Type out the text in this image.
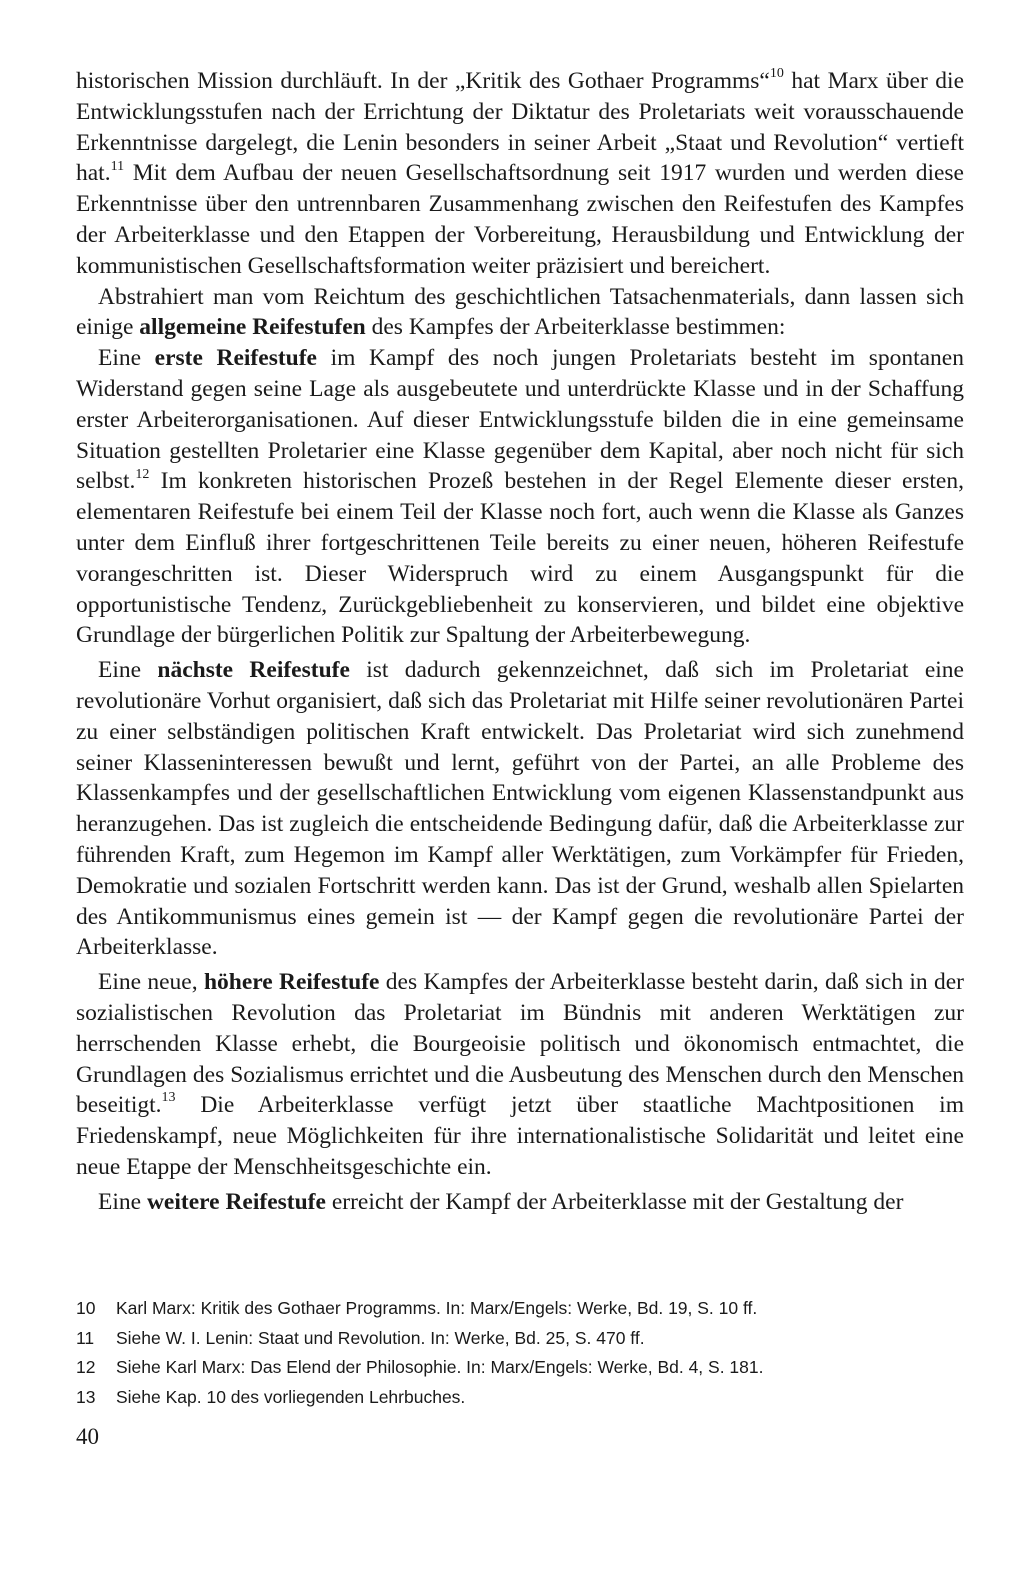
historischen Mission durchläuft. In der „Kritik des Gothaer Programms“$^{10}$ hat Marx über die Entwicklungsstufen nach der Errichtung der Diktatur des Proletariats weit vorausschauende Erkenntnisse dargelegt, die Lenin besonders in seiner Arbeit „Staat und Revolution“ vertieft hat.$^{11}$ Mit dem Aufbau der neuen Gesellschaftsordnung seit 1917 wurden und werden diese Erkenntnisse über den untrennbaren Zusammenhang zwischen den Reifestufen des Kampfes der Arbeiterklasse und den Etappen der Vorbereitung, Herausbildung und Entwicklung der kommunistischen Gesellschaftsformation weiter präzisiert und bereichert.

Abstrahiert man vom Reichtum des geschichtlichen Tatsachenmaterials, dann lassen sich einige allgemeine Reifestufen des Kampfes der Arbeiterklasse bestimmen:

Eine erste Reifestufe im Kampf des noch jungen Proletariats besteht im spontanen Widerstand gegen seine Lage als ausgebeutete und unterdrückte Klasse und in der Schaffung erster Arbeiterorganisationen. Auf dieser Entwicklungsstufe bilden die in eine gemeinsame Situation gestellten Proletarier eine Klasse gegenüber dem Kapital, aber noch nicht für sich selbst.$^{12}$ Im konkreten historischen Prozeß bestehen in der Regel Elemente dieser ersten, elementaren Reifestufe bei einem Teil der Klasse noch fort, auch wenn die Klasse als Ganzes unter dem Einfluß ihrer fortgeschrittenen Teile bereits zu einer neuen, höheren Reifestufe vorangeschritten ist. Dieser Widerspruch wird zu einem Ausgangspunkt für die opportunistische Tendenz, Zurückgebliebenheit zu konservieren, und bildet eine objektive Grundlage der bürgerlichen Politik zur Spaltung der Arbeiterbewegung.

Eine nächste Reifestufe ist dadurch gekennzeichnet, daß sich im Proletariat eine revolutionäre Vorhut organisiert, daß sich das Proletariat mit Hilfe seiner revolutionären Partei zu einer selbständigen politischen Kraft entwickelt. Das Proletariat wird sich zunehmend seiner Klasseninteressen bewußt und lernt, geführt von der Partei, an alle Probleme des Klassenkampfes und der gesellschaftlichen Entwicklung vom eigenen Klassenstandpunkt aus heranzugehen. Das ist zugleich die entscheidende Bedingung dafür, daß die Arbeiterklasse zur führenden Kraft, zum Hegemon im Kampf aller Werktätigen, zum Vorkämpfer für Frieden, Demokratie und sozialen Fortschritt werden kann. Das ist der Grund, weshalb allen Spielarten des Antikommunismus eines gemein ist — der Kampf gegen die revolutionäre Partei der Arbeiterklasse.

Eine neue, höhere Reifestufe des Kampfes der Arbeiterklasse besteht darin, daß sich in der sozialistischen Revolution das Proletariat im Bündnis mit anderen Werktätigen zur herrschenden Klasse erhebt, die Bourgeoisie politisch und ökonomisch entmachtet, die Grundlagen des Sozialismus errichtet und die Ausbeutung des Menschen durch den Menschen beseitigt.$^{13}$ Die Arbeiterklasse verfügt jetzt über staatliche Machtpositionen im Friedenskampf, neue Möglichkeiten für ihre internationalistische Solidarität und leitet eine neue Etappe der Menschheitsgeschichte ein.

Eine weitere Reifestufe erreicht der Kampf der Arbeiterklasse mit der Gestaltung der

10	Karl Marx: Kritik des Gothaer Programms. In: Marx/Engels: Werke, Bd. 19, S. 10 ff.
11	Siehe W. I. Lenin: Staat und Revolution. In: Werke, Bd. 25, S. 470 ff.
12	Siehe Karl Marx: Das Elend der Philosophie. In: Marx/Engels: Werke, Bd. 4, S. 181.
13	Siehe Kap. 10 des vorliegenden Lehrbuches.
40
